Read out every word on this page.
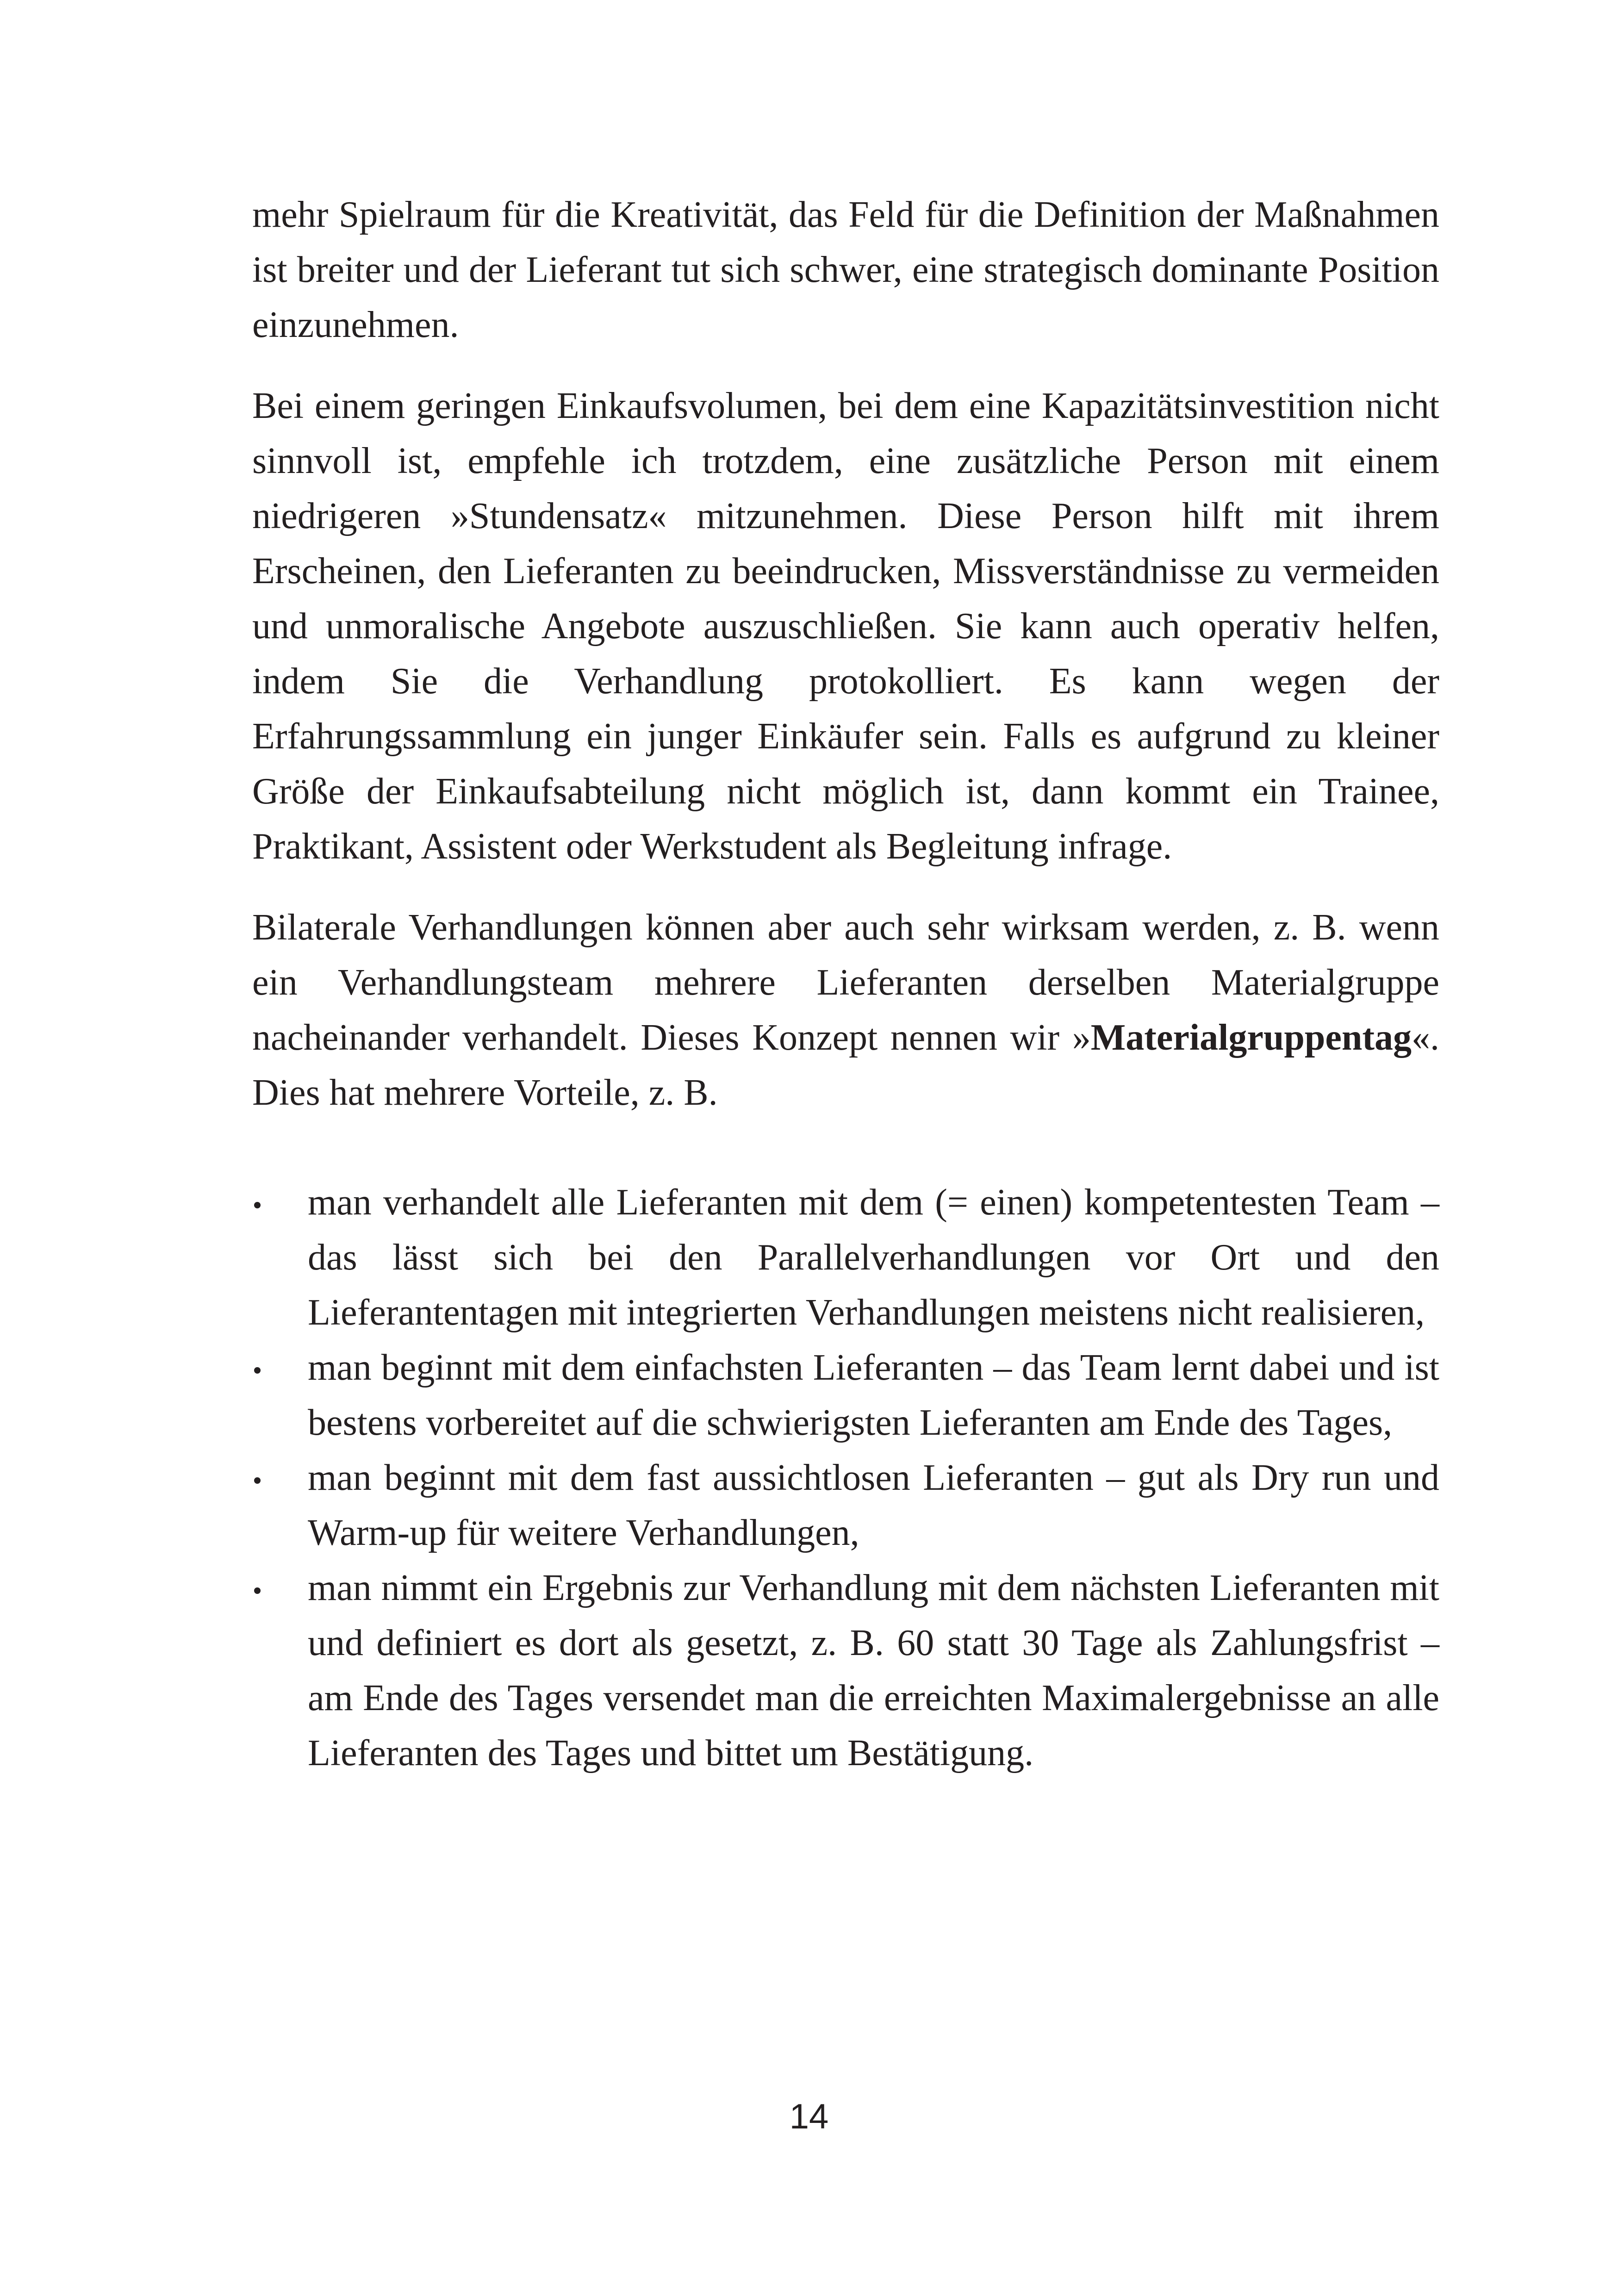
mehr Spielraum für die Kreativität, das Feld für die Definition der Maßnahmen ist breiter und der Lieferant tut sich schwer, eine strategisch dominante Position einzunehmen.

Bei einem geringen Einkaufsvolumen, bei dem eine Kapazitätsinvestition nicht sinnvoll ist, empfehle ich trotzdem, eine zusätzliche Person mit einem niedrigeren »Stundensatz« mitzunehmen. Diese Person hilft mit ihrem Erscheinen, den Lieferanten zu beeindrucken, Missverständnisse zu vermeiden und unmoralische Angebote auszuschließen. Sie kann auch operativ helfen, indem Sie die Verhandlung protokolliert. Es kann wegen der Erfahrungssammlung ein junger Einkäufer sein. Falls es aufgrund zu kleiner Größe der Einkaufsabteilung nicht möglich ist, dann kommt ein Trainee, Praktikant, Assistent oder Werkstudent als Begleitung infrage.

Bilaterale Verhandlungen können aber auch sehr wirksam werden, z. B. wenn ein Verhandlungsteam mehrere Lieferanten derselben Materialgruppe nacheinander verhandelt. Dieses Konzept nennen wir »Materialgruppentag«. Dies hat mehrere Vorteile, z. B.

man verhandelt alle Lieferanten mit dem (= einen) kompetentesten Team – das lässt sich bei den Parallelverhandlungen vor Ort und den Lieferantentagen mit integrierten Verhandlungen meistens nicht realisieren,
man beginnt mit dem einfachsten Lieferanten – das Team lernt dabei und ist bestens vorbereitet auf die schwierigsten Lieferanten am Ende des Tages,
man beginnt mit dem fast aussichtlosen Lieferanten – gut als Dry run und Warm-up für weitere Verhandlungen,
man nimmt ein Ergebnis zur Verhandlung mit dem nächsten Lieferanten mit und definiert es dort als gesetzt, z. B. 60 statt 30 Tage als Zahlungsfrist – am Ende des Tages versendet man die erreichten Maximalergebnisse an alle Lieferanten des Tages und bittet um Bestätigung.
14
